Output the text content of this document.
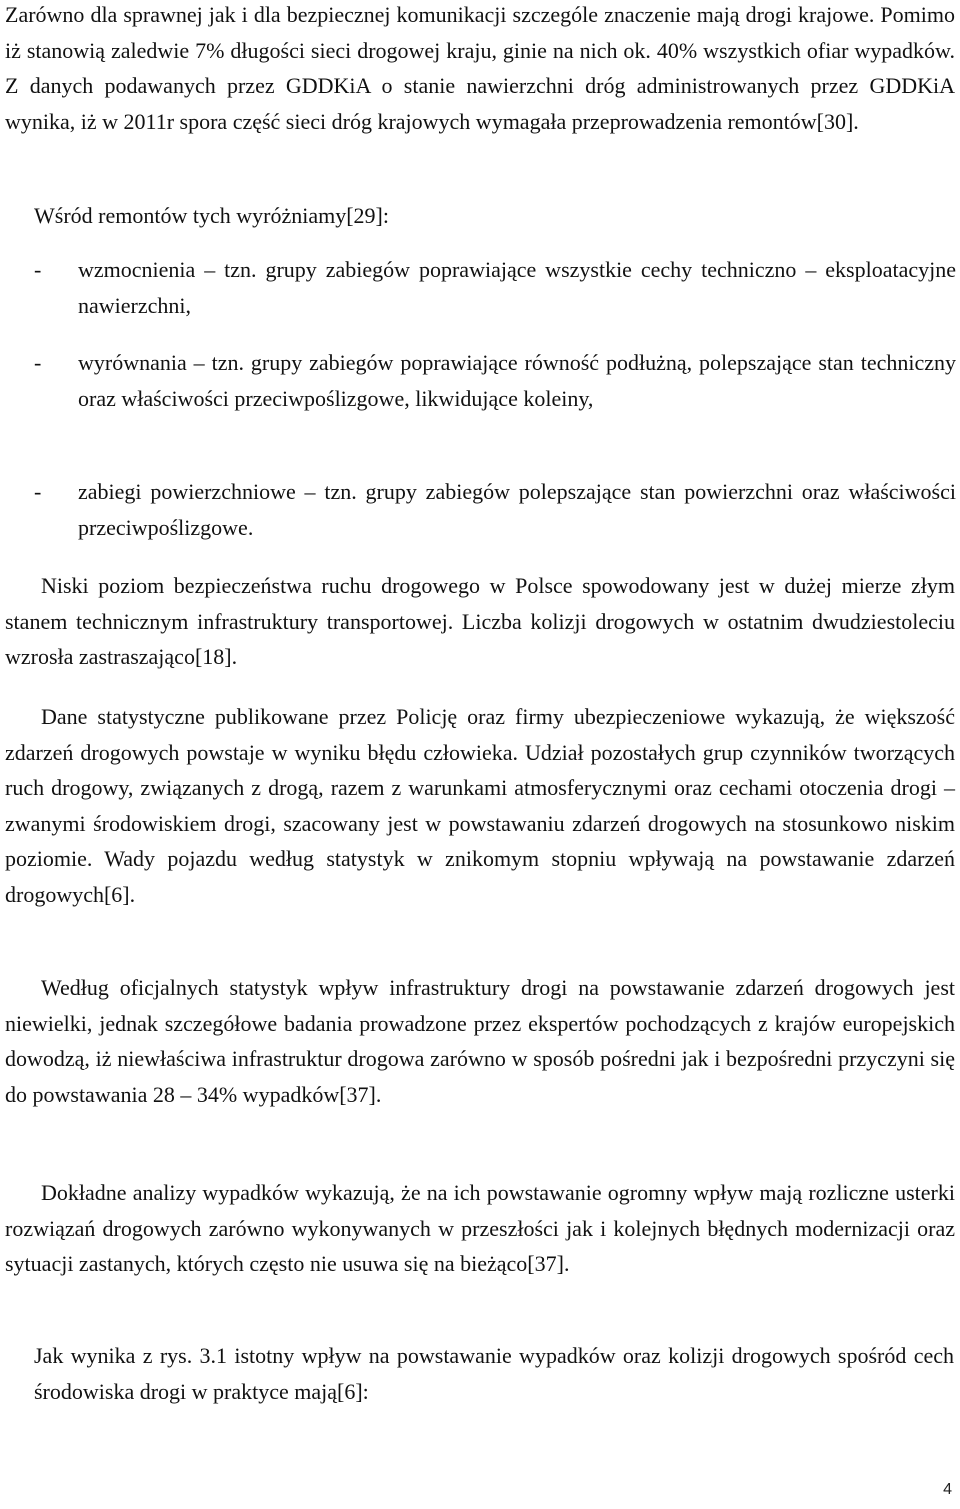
Zarówno dla sprawnej jak i dla bezpiecznej komunikacji szczególe znaczenie mają drogi krajowe. Pomimo iż stanowią zaledwie 7% długości sieci drogowej kraju, ginie na nich ok. 40% wszystkich ofiar wypadków. Z danych podawanych przez GDDKiA o stanie nawierzchni dróg administrowanych przez GDDKiA wynika, iż w 2011r spora część sieci dróg krajowych wymagała przeprowadzenia remontów[30].

Wśród remontów tych wyróżniamy[29]:

- wzmocnienia – tzn. grupy zabiegów poprawiające wszystkie cechy techniczno – eksploatacyjne nawierzchni,
- wyrównania – tzn. grupy zabiegów poprawiające równość podłużną, polepszające stan techniczny oraz właściwości przeciwpoślizgowe, likwidujące koleiny,
- zabiegi powierzchniowe – tzn. grupy zabiegów polepszające stan powierzchni oraz właściwości przeciwpoślizgowe.

Niski poziom bezpieczeństwa ruchu drogowego w Polsce spowodowany jest w dużej mierze złym stanem technicznym infrastruktury transportowej. Liczba kolizji drogowych w ostatnim dwudziestoleciu wzrosła zastraszająco[18].

Dane statystyczne publikowane przez Policję oraz firmy ubezpieczeniowe wykazują, że większość zdarzeń drogowych powstaje w wyniku błędu człowieka. Udział pozostałych grup czynników tworzących ruch drogowy, związanych z drogą, razem z warunkami atmosferycznymi oraz cechami otoczenia drogi – zwanymi środowiskiem drogi, szacowany jest w powstawaniu zdarzeń drogowych na stosunkowo niskim poziomie. Wady pojazdu według statystyk w znikomym stopniu wpływają na powstawanie zdarzeń drogowych[6].

Według oficjalnych statystyk wpływ infrastruktury drogi na powstawanie zdarzeń drogowych jest niewielki, jednak szczegółowe badania prowadzone przez ekspertów pochodzących z krajów europejskich dowodzą, iż niewłaściwa infrastruktur drogowa zarówno w sposób pośredni jak i bezpośredni przyczyni się do powstawania 28 – 34% wypadków[37].

Dokładne analizy wypadków wykazują, że na ich powstawanie ogromny wpływ mają rozliczne usterki rozwiązań drogowych zarówno wykonywanych w przeszłości jak i kolejnych błędnych modernizacji oraz sytuacji zastanych, których często nie usuwa się na bieżąco[37].

Jak wynika z rys. 3.1 istotny wpływ na powstawanie wypadków oraz kolizji drogowych spośród cech środowiska drogi w praktyce mają[6]:

4
